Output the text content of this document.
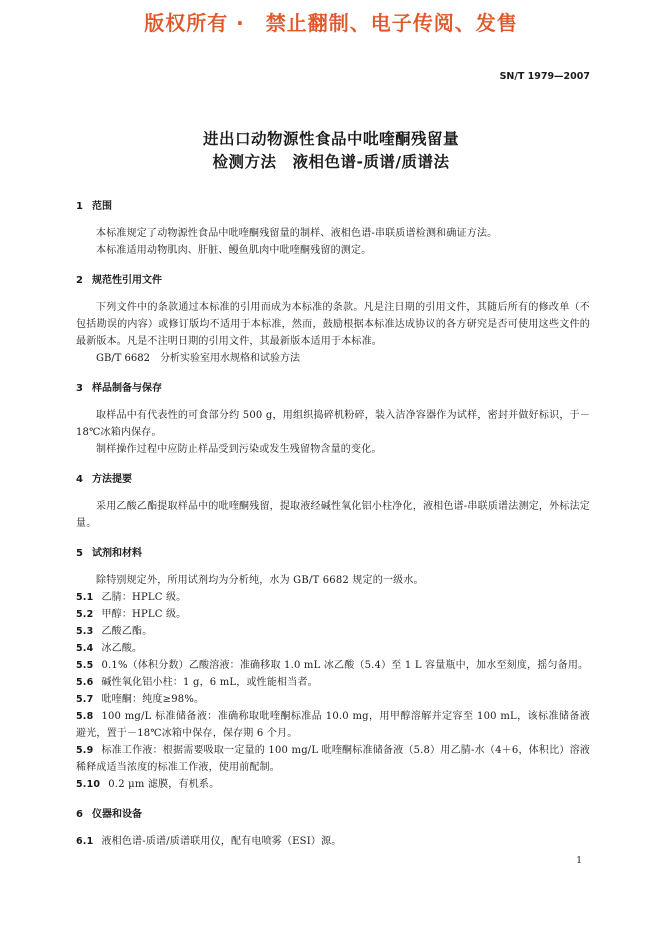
版权所有 ·　禁止翻制、电子传阅、发售
SN/T 1979—2007
进出口动物源性食品中吡喹酮残留量
检测方法　液相色谱-质谱/质谱法
1 范围
本标准规定了动物源性食品中吡喹酮残留量的制样、液相色谱-串联质谱检测和确证方法。
本标准适用动物肌肉、肝脏、鳗鱼肌肉中吡喹酮残留的测定。
2 规范性引用文件
下列文件中的条款通过本标准的引用而成为本标准的条款。凡是注日期的引用文件，其随后所有的修改单（不包括勘误的内容）或修订版均不适用于本标准，然而，鼓励根据本标准达成协议的各方研究是否可使用这些文件的最新版本。凡是不注明日期的引用文件，其最新版本适用于本标准。
GB/T 6682　分析实验室用水规格和试验方法
3 样品制备与保存
取样品中有代表性的可食部分约 500 g，用组织捣碎机粉碎，装入洁净容器作为试样，密封并做好标识，于－18℃冰箱内保存。
制样操作过程中应防止样品受到污染或发生残留物含量的变化。
4 方法提要
采用乙酸乙酯提取样品中的吡喹酮残留，提取液经碱性氧化铝小柱净化，液相色谱-串联质谱法测定，外标法定量。
5 试剂和材料
除特别规定外，所用试剂均为分析纯，水为 GB/T 6682 规定的一级水。
5.1 乙腈：HPLC 级。
5.2 甲醇：HPLC 级。
5.3 乙酸乙酯。
5.4 冰乙酸。
5.5 0.1%（体积分数）乙酸溶液：准确移取 1.0 mL 冰乙酸（5.4）至 1 L 容量瓶中，加水至刻度，摇匀备用。
5.6 碱性氧化铝小柱：1 g，6 mL，或性能相当者。
5.7 吡喹酮：纯度≥98%。
5.8 100 mg/L 标准储备液：准确称取吡喹酮标准品 10.0 mg，用甲醇溶解并定容至 100 mL，该标准储备液避光，置于－18℃冰箱中保存，保存期 6 个月。
5.9 标准工作液：根据需要吸取一定量的 100 mg/L 吡喹酮标准储备液（5.8）用乙腈-水（4＋6，体积比）溶液稀释成适当浓度的标准工作液，使用前配制。
5.10 0.2 μm 滤膜，有机系。
6 仪器和设备
6.1 液相色谱-质谱/质谱联用仪，配有电喷雾（ESI）源。
1
